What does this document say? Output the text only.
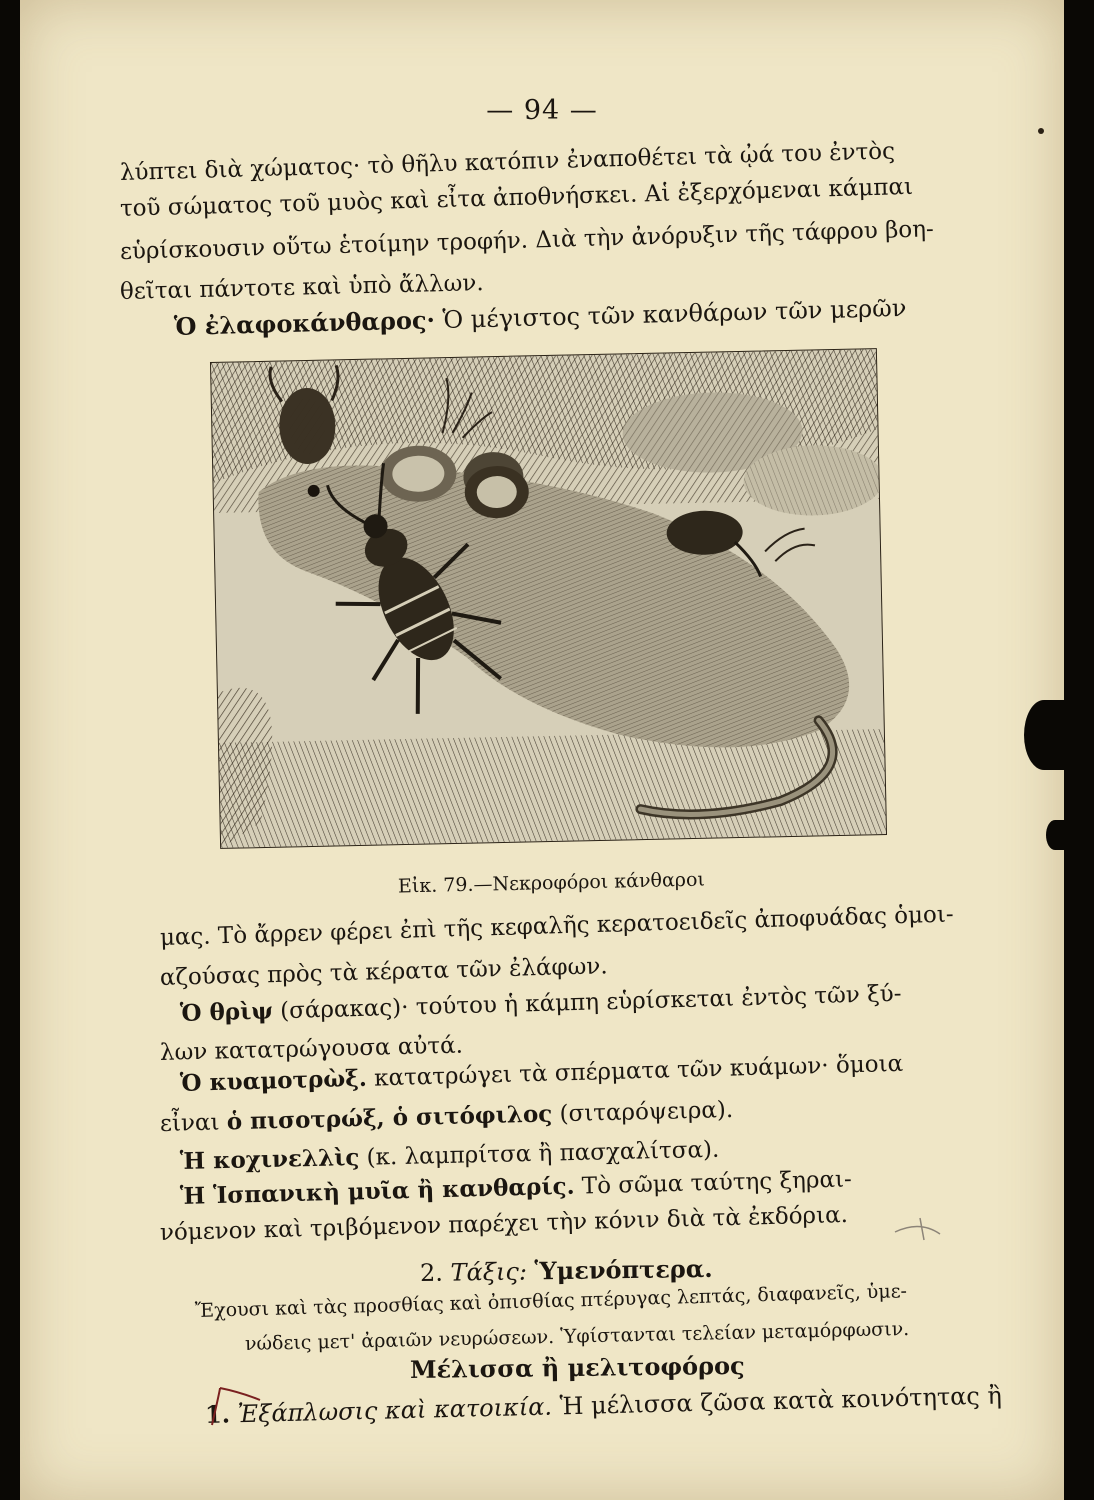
— 94 —
λύπτει διὰ χώματος· τὸ θῆλυ κατόπιν ἐναποθέτει τὰ ᾠά του ἐντὸς
τοῦ σώματος τοῦ μυὸς καὶ εἶτα ἀποθνήσκει. Αἱ ἐξερχόμεναι κάμπαι
εὑρίσκουσιν οὕτω ἑτοίμην τροφήν. Διὰ τὴν ἀνόρυξιν τῆς τάφρου βοη-
θεῖται πάντοτε καὶ ὑπὸ ἄλλων.
Ὁ ἐλαφοκάνθαρος· Ὁ μέγιστος τῶν κανθάρων τῶν μερῶν
Εἰκ. 79.—Νεκροφόροι κάνθαροι
μας. Τὸ ἄρρεν φέρει ἐπὶ τῆς κεφαλῆς κερατοειδεῖς ἀποφυάδας ὁμοι-
αζούσας πρὸς τὰ κέρατα τῶν ἐλάφων.
Ὁ θρὶψ (σάρακας)· τούτου ἡ κάμπη εὑρίσκεται ἐντὸς τῶν ξύ-
λων κατατρώγουσα αὐτά.
Ὁ κυαμοτρὼξ. κατατρώγει τὰ σπέρματα τῶν κυάμων· ὅμοια
εἶναι ὁ πισοτρώξ, ὁ σιτόφιλος (σιταρόψειρα).
Ἡ κοχινελλὶς (κ. λαμπρίτσα ἢ πασχαλίτσα).
Ἡ Ἱσπανικὴ μυῖα ἢ κανθαρίς. Τὸ σῶμα ταύτης ξηραι-
νόμενον καὶ τριβόμενον παρέχει τὴν κόνιν διὰ τὰ ἐκδόρια.
2. Τάξις: Ὑμενόπτερα.
Ἔχουσι καὶ τὰς προσθίας καὶ ὀπισθίας πτέρυγας λεπτάς, διαφανεῖς, ὑμε-
νώδεις μετ' ἀραιῶν νευρώσεων. Ὑφίστανται τελείαν μεταμόρφωσιν.
Μέλισσα ἢ μελιτοφόρος
1. Ἐξάπλωσις καὶ κατοικία. Ἡ μέλισσα ζῶσα κατὰ κοινότητας ἢ
